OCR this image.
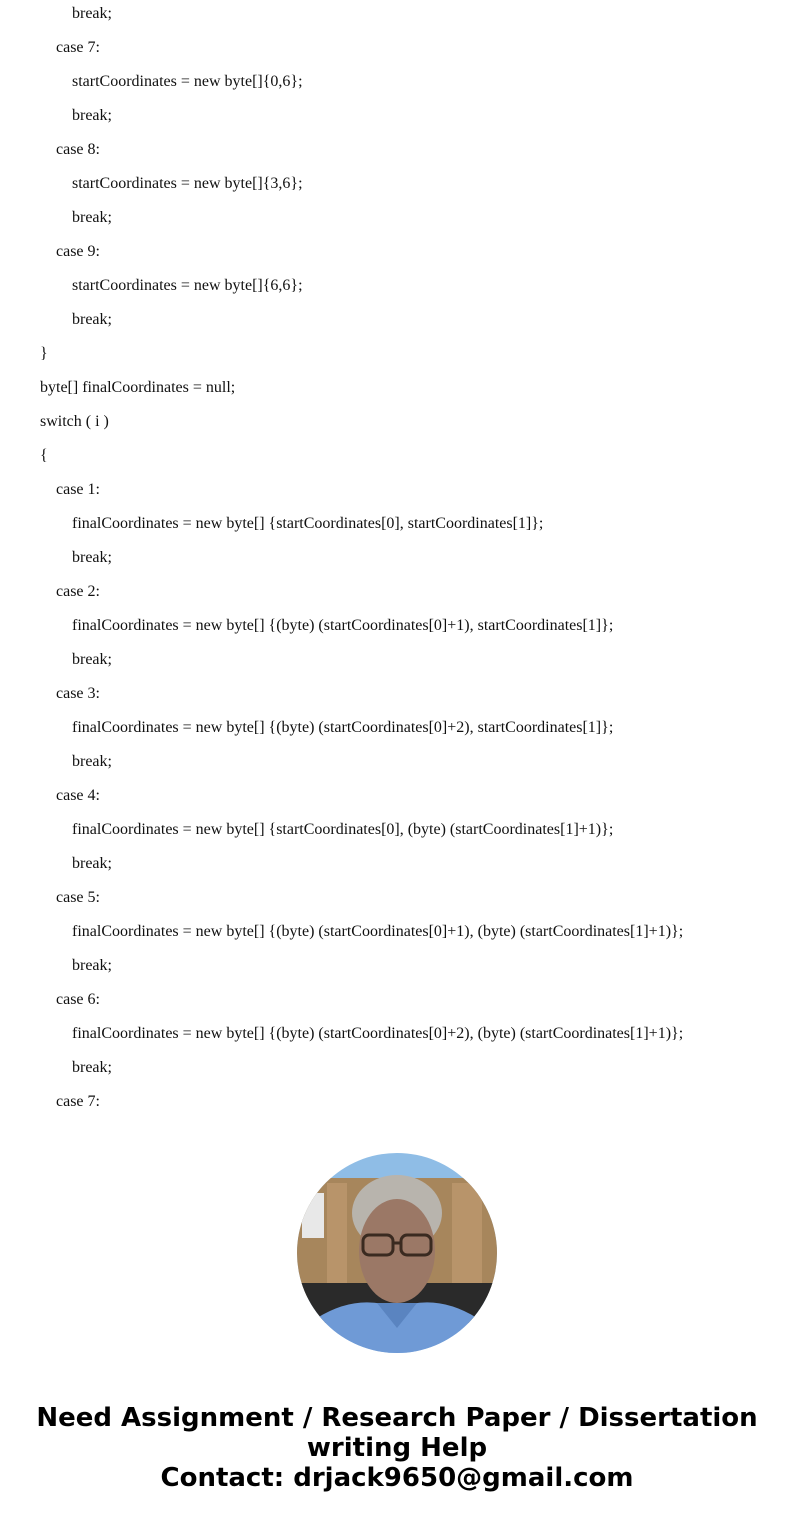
break;
case 7:
startCoordinates = new byte[]{0,6};
break;
case 8:
startCoordinates = new byte[]{3,6};
break;
case 9:
startCoordinates = new byte[]{6,6};
break;
}
byte[] finalCoordinates = null;
switch ( i )
{
case 1:
finalCoordinates = new byte[] {startCoordinates[0], startCoordinates[1]};
break;
case 2:
finalCoordinates = new byte[] {(byte) (startCoordinates[0]+1), startCoordinates[1]};
break;
case 3:
finalCoordinates = new byte[] {(byte) (startCoordinates[0]+2), startCoordinates[1]};
break;
case 4:
finalCoordinates = new byte[] {startCoordinates[0], (byte) (startCoordinates[1]+1)};
break;
case 5:
finalCoordinates = new byte[] {(byte) (startCoordinates[0]+1), (byte) (startCoordinates[1]+1)};
break;
case 6:
finalCoordinates = new byte[] {(byte) (startCoordinates[0]+2), (byte) (startCoordinates[1]+1)};
break;
case 7:
Need Assignment / Research Paper / Dissertation
writing Help
Contact: drjack9650@gmail.com
